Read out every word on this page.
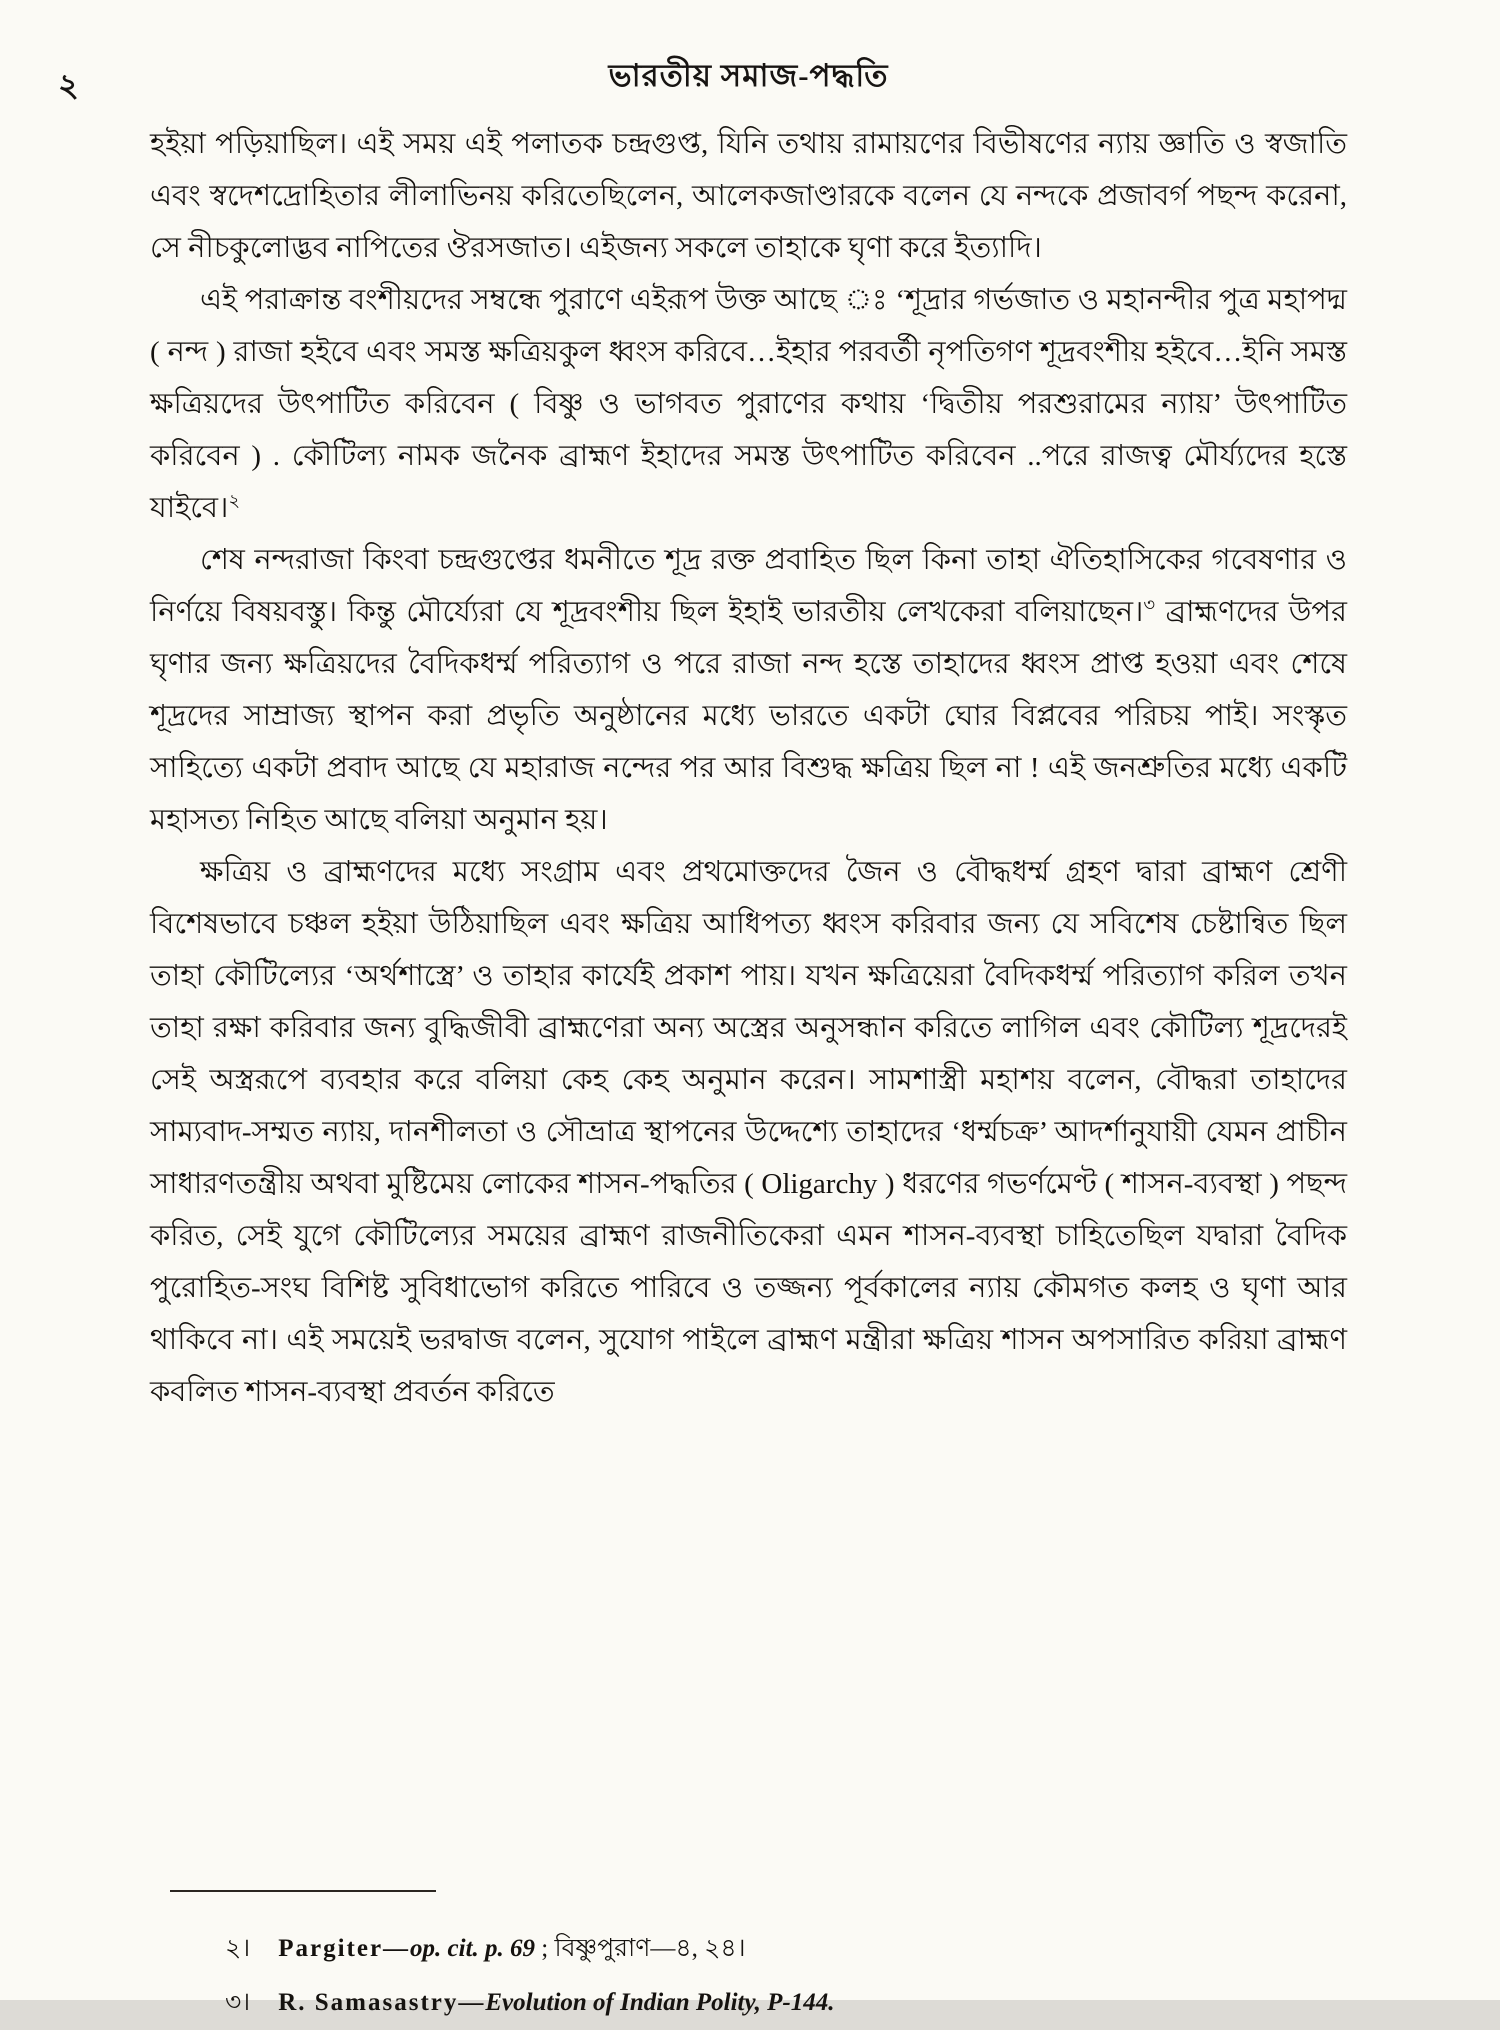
২	ভারতীয় সমাজ-পদ্ধতি

হইয়া পড়িয়াছিল। এই সময় এই পলাতক চন্দ্রগুপ্ত, যিনি তথায় রামায়ণের বিভীষণের ন্যায় জ্ঞাতি ও স্বজাতি এবং স্বদেশদ্রোহিতার লীলাভিনয় করিতেছিলেন, আলেকজাণ্ডারকে বলেন যে নন্দকে প্রজাবর্গ পছন্দ করেনা, সে নীচকুলোদ্ভব নাপিতের ঔরসজাত। এইজন্য সকলে তাহাকে ঘৃণা করে ইত্যাদি।

এই পরাক্রান্ত বংশীয়দের সম্বন্ধে পুরাণে এইরূপ উক্ত আছে ঃ ‘শূদ্রার গর্ভজাত ও মহানন্দীর পুত্র মহাপদ্ম ( নন্দ ) রাজা হইবে এবং সমস্ত ক্ষত্রিয়কুল ধ্বংস করিবে…ইহার পরবর্তী নৃপতিগণ শূদ্রবংশীয় হইবে…ইনি সমস্ত ক্ষত্রিয়দের উৎপাটিত করিবেন ( বিষ্ণু ও ভাগবত পুরাণের কথায় ‘দ্বিতীয় পরশুরামের ন্যায়’ উৎপাটিত করিবেন ) . কৌটিল্য নামক জনৈক ব্রাহ্মণ ইহাদের সমস্ত উৎপাটিত করিবেন ..পরে রাজত্ব মৌর্য্যদের হস্তে যাইবে।$^২$

শেষ নন্দরাজা কিংবা চন্দ্রগুপ্তের ধমনীতে শূদ্র রক্ত প্রবাহিত ছিল কিনা তাহা ঐতিহাসিকের গবেষণার ও নির্ণয়ে বিষয়বস্তু। কিন্তু মৌর্য্যেরা যে শূদ্রবংশীয় ছিল ইহাই ভারতীয় লেখকেরা বলিয়াছেন।$^৩$ ব্রাহ্মণদের উপর ঘৃণার জন্য ক্ষত্রিয়দের বৈদিকধর্ম্ম পরিত্যাগ ও পরে রাজা নন্দ হস্তে তাহাদের ধ্বংস প্রাপ্ত হওয়া এবং শেষে শূদ্রদের সাম্রাজ্য স্থাপন করা প্রভৃতি অনুষ্ঠানের মধ্যে ভারতে একটা ঘোর বিপ্লবের পরিচয় পাই। সংস্কৃত সাহিত্যে একটা প্রবাদ আছে যে মহারাজ নন্দের পর আর বিশুদ্ধ ক্ষত্রিয় ছিল না ! এই জনশ্রুতির মধ্যে একটি মহাসত্য নিহিত আছে বলিয়া অনুমান হয়।

ক্ষত্রিয় ও ব্রাহ্মণদের মধ্যে সংগ্রাম এবং প্রথমোক্তদের জৈন ও বৌদ্ধধর্ম্ম গ্রহণ দ্বারা ব্রাহ্মণ শ্রেণী বিশেষভাবে চঞ্চল হইয়া উঠিয়াছিল এবং ক্ষত্রিয় আধিপত্য ধ্বংস করিবার জন্য যে সবিশেষ চেষ্টান্বিত ছিল তাহা কৌটিল্যের ‘অর্থশাস্ত্রে’ ও তাহার কার্যেই প্রকাশ পায়। যখন ক্ষত্রিয়েরা বৈদিকধর্ম্ম পরিত্যাগ করিল তখন তাহা রক্ষা করিবার জন্য বুদ্ধিজীবী ব্রাহ্মণেরা অন্য অস্ত্রের অনুসন্ধান করিতে লাগিল এবং কৌটিল্য শূদ্রদেরই সেই অস্ত্ররূপে ব্যবহার করে বলিয়া কেহ কেহ অনুমান করেন। সামশাস্ত্রী মহাশয় বলেন, বৌদ্ধরা তাহাদের সাম্যবাদ-সম্মত ন্যায়, দানশীলতা ও সৌভ্রাত্র স্থাপনের উদ্দেশ্যে তাহাদের ‘ধর্ম্মচক্র’ আদর্শানুযায়ী যেমন প্রাচীন সাধারণতন্ত্রীয় অথবা মুষ্টিমেয় লোকের শাসন-পদ্ধতির ( Oligarchy ) ধরণের গভর্ণমেণ্ট ( শাসন-ব্যবস্থা ) পছন্দ করিত, সেই যুগে কৌটিল্যের সময়ের ব্রাহ্মণ রাজনীতিকেরা এমন শাসন-ব্যবস্থা চাহিতেছিল যদ্বারা বৈদিক পুরোহিত-সংঘ বিশিষ্ট সুবিধাভোগ করিতে পারিবে ও তজ্জন্য পূর্বকালের ন্যায় কৌমগত কলহ ও ঘৃণা আর থাকিবে না। এই সময়েই ভরদ্বাজ বলেন, সুযোগ পাইলে ব্রাহ্মণ মন্ত্রীরা ক্ষত্রিয় শাসন অপসারিত করিয়া ব্রাহ্মণ কবলিত শাসন-ব্যবস্থা প্রবর্তন করিতে

২। Pargiter—op. cit. p. 69 ; বিষ্ণুপুরাণ—৪, ২৪।
৩। R. Samasastry—Evolution of Indian Polity, P-144.
